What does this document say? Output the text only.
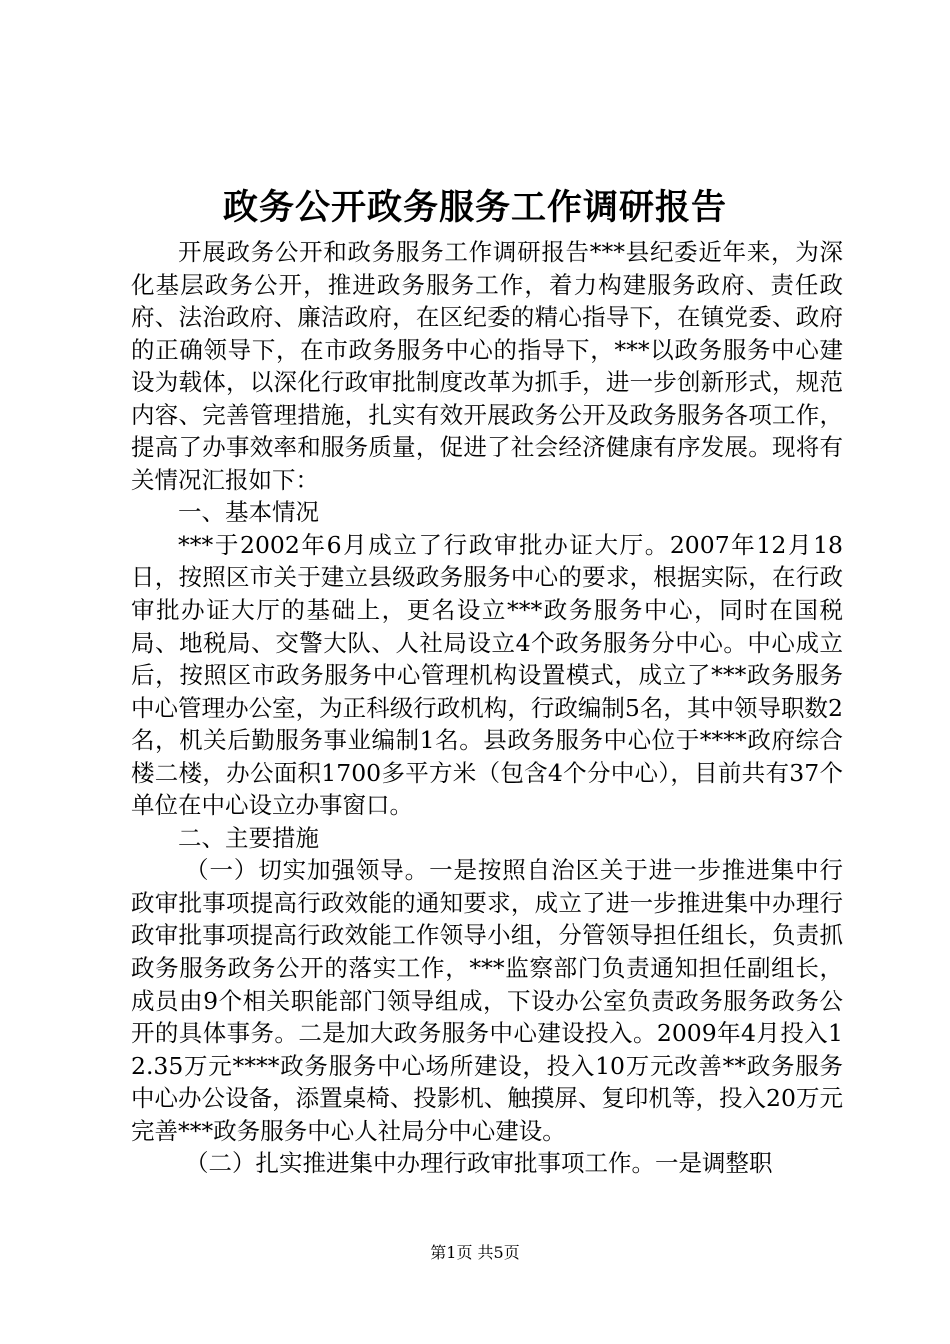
政务公开政务服务工作调研报告

开展政务公开和政务服务工作调研报告***县纪委近年来，为深化基层政务公开，推进政务服务工作，着力构建服务政府、责任政府、法治政府、廉洁政府，在区纪委的精心指导下，在镇党委、政府的正确领导下，在市政务服务中心的指导下，***以政务服务中心建设为载体，以深化行政审批制度改革为抓手，进一步创新形式，规范内容、完善管理措施，扎实有效开展政务公开及政务服务各项工作，提高了办事效率和服务质量，促进了社会经济健康有序发展。现将有关情况汇报如下：

一、基本情况

***于2002年6月成立了行政审批办证大厅。2007年12月18日，按照区市关于建立县级政务服务中心的要求，根据实际，在行政审批办证大厅的基础上，更名设立***政务服务中心，同时在国税局、地税局、交警大队、人社局设立4个政务服务分中心。中心成立后，按照区市政务服务中心管理机构设置模式，成立了***政务服务中心管理办公室，为正科级行政机构，行政编制5名，其中领导职数2名，机关后勤服务事业编制1名。县政务服务中心位于****政府综合楼二楼，办公面积1700多平方米（包含4个分中心），目前共有37个单位在中心设立办事窗口。

二、主要措施

（一）切实加强领导。一是按照自治区关于进一步推进集中行政审批事项提高行政效能的通知要求，成立了进一步推进集中办理行政审批事项提高行政效能工作领导小组，分管领导担任组长，负责抓政务服务政务公开的落实工作，***监察部门负责通知担任副组长，成员由9个相关职能部门领导组成，下设办公室负责政务服务政务公开的具体事务。二是加大政务服务中心建设投入。2009年4月投入12.35万元****政务服务中心场所建设，投入10万元改善**政务服务中心办公设备，添置桌椅、投影机、触摸屏、复印机等，投入20万元完善***政务服务中心人社局分中心建设。

（二）扎实推进集中办理行政审批事项工作。一是调整职

第1页 共5页
